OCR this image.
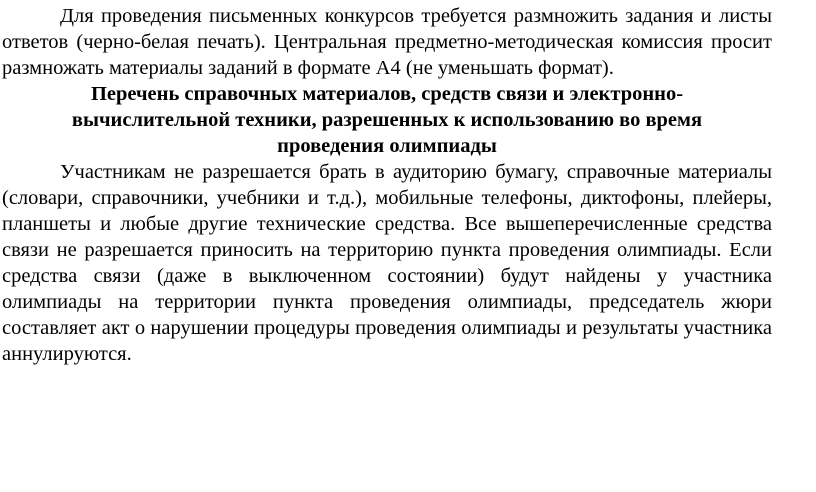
Для проведения письменных конкурсов требуется размножить задания и листы ответов (черно-белая печать). Центральная предметно-методическая комиссия просит размножать материалы заданий в формате А4 (не уменьшать формат).

Перечень справочных материалов, средств связи и электронно-вычислительной техники, разрешенных к использованию во время проведения олимпиады

Участникам не разрешается брать в аудиторию бумагу, справочные материалы (словари, справочники, учебники и т.д.), мобильные телефоны, диктофоны, плейеры, планшеты и любые другие технические средства. Все вышеперечисленные средства связи не разрешается приносить на территорию пункта проведения олимпиады. Если средства связи (даже в выключенном состоянии) будут найдены у участника олимпиады на территории пункта проведения олимпиады, председатель жюри составляет акт о нарушении процедуры проведения олимпиады и результаты участника аннулируются.
